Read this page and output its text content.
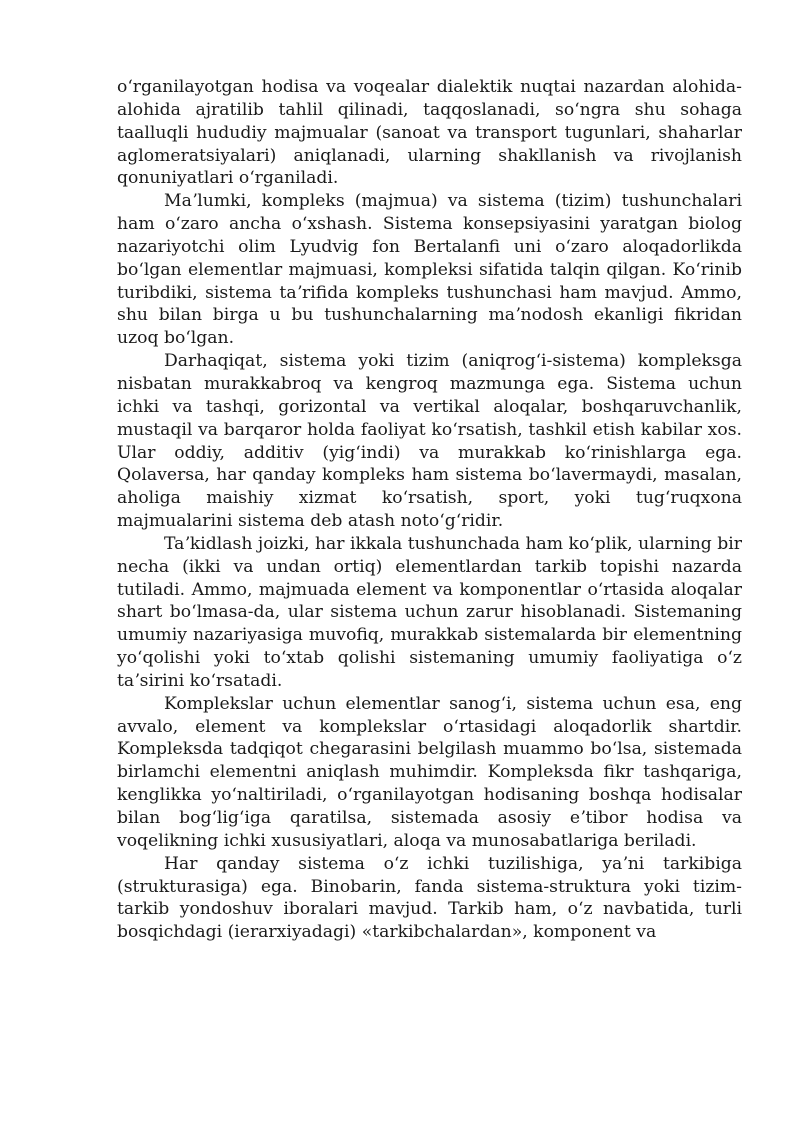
oʻrganilayotgan hodisa va voqealar dialektik nuqtai nazardan alohida-alohida ajratilib tahlil qilinadi, taqqoslanadi, soʻngra shu sohaga taalluqli hududiy majmualar (sanoat va transport tugunlari, shaharlar aglomeratsiyalari) aniqlanadi, ularning shakllanish va rivojlanish qonuniyatlari oʻrganiladi.

Maʼlumki, kompleks (majmua) va sistema (tizim) tushunchalari ham oʻzaro ancha oʻxshash. Sistema konsepsiyasini yaratgan biolog nazariyotchi olim Lyudvig fon Bertalanfi uni oʻzaro aloqadorlikda boʻlgan elementlar majmuasi, kompleksi sifatida talqin qilgan. Koʻrinib turibdiki, sistema taʼrifida kompleks tushunchasi ham mavjud. Ammo, shu bilan birga u bu tushunchalarning maʼnodosh ekanligi fikridan uzoq boʻlgan.

Darhaqiqat, sistema yoki tizim (aniqrogʻi-sistema) kompleksga nisbatan murakkabroq va kengroq mazmunga ega. Sistema uchun ichki va tashqi, gorizontal va vertikal aloqalar, boshqaruvchanlik, mustaqil va barqaror holda faoliyat koʻrsatish, tashkil etish kabilar xos. Ular oddiy, additiv (yigʻindi) va murakkab koʻrinishlarga ega. Qolaversa, har qanday kompleks ham sistema boʻlavermaydi, masalan, aholiga maishiy xizmat koʻrsatish, sport, yoki tugʻruqxona majmualarini sistema deb atash notoʻgʻridir.

Taʼkidlash joizki, har ikkala tushunchada ham koʻplik, ularning bir necha (ikki va undan ortiq) elementlardan tarkib topishi nazarda tutiladi. Ammo, majmuada element va komponentlar oʻrtasida aloqalar shart boʻlmasa-da, ular sistema uchun zarur hisoblanadi. Sistemaning umumiy nazariyasiga muvofiq, murakkab sistemalarda bir elementning yoʻqolishi yoki toʻxtab qolishi sistemaning umumiy faoliyatiga oʻz taʼsirini koʻrsatadi.

Komplekslar uchun elementlar sanogʻi, sistema uchun esa, eng avvalo, element va komplekslar oʻrtasidagi aloqadorlik shartdir. Kompleksda tadqiqot chegarasini belgilash muammo boʻlsa, sistemada birlamchi elementni aniqlash muhimdir. Kompleksda fikr tashqariga, kenglikka yoʻnaltiriladi, oʻrganilayotgan hodisaning boshqa hodisalar bilan bogʻligʻiga qaratilsa, sistemada asosiy eʼtibor hodisa va voqelikning ichki xususiyatlari, aloqa va munosabatlariga beriladi.

Har qanday sistema oʻz ichki tuzilishiga, yaʼni tarkibiga (strukturasiga) ega. Binobarin, fanda sistema-struktura yoki tizim-tarkib yondoshuv iboralari mavjud. Tarkib ham, oʻz navbatida, turli bosqichdagi (ierarxiyadagi) «tarkibchalardan», komponent va
